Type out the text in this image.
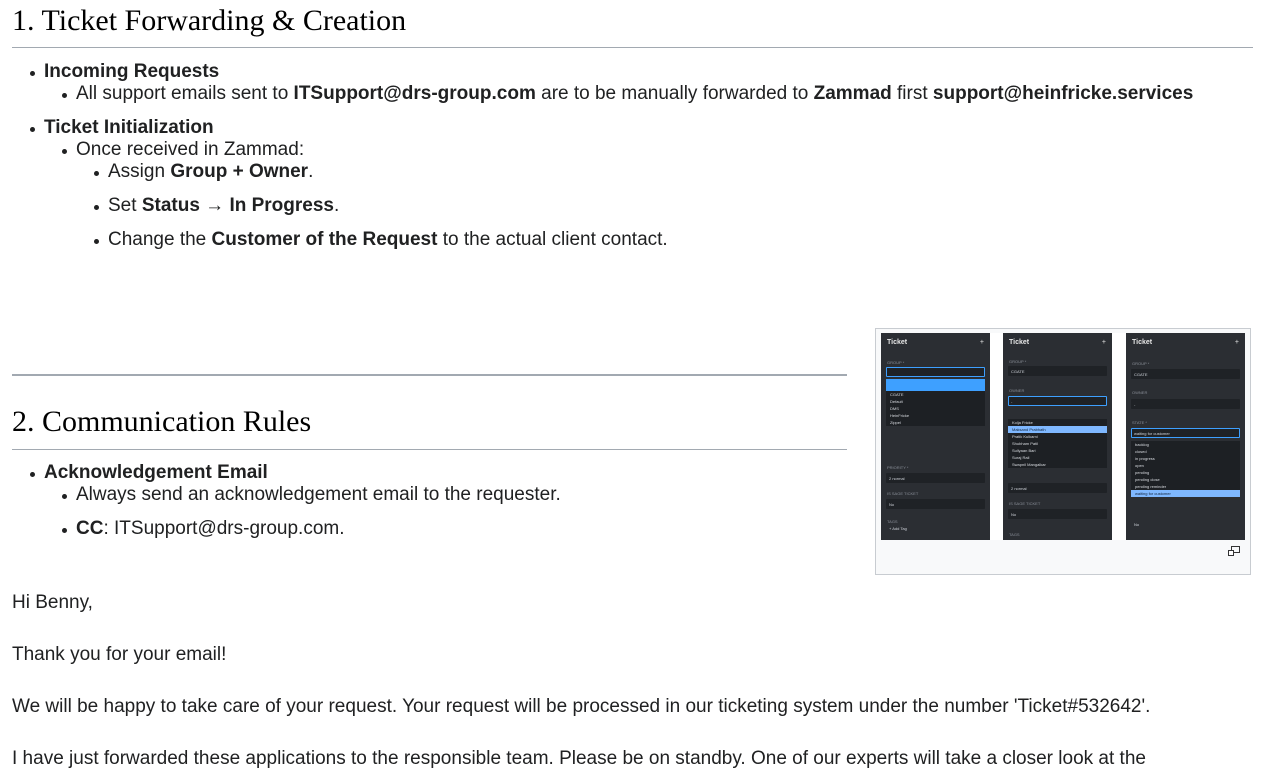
1. Ticket Forwarding & Creation
Incoming Requests
All support emails sent to ITSupport@drs-group.com are to be manually forwarded to Zammad first support@heinfricke.services
Ticket Initialization
Once received in Zammad:
Assign Group + Owner.
Set Status → In Progress.
Change the Customer of the Request to the actual client contact.
2. Communication Rules
Acknowledgement Email
Always send an acknowledgement email to the requester.
CC: ITSupport@drs-group.com.
Ticket	+
GROUP *
CGATE
Default
DMS
HeinFricke
Zippel
PRIORITY *
2 normal
IS SAGE TICKET
No
TAGS
+ Add Tag
Ticket	+
GROUP *
CGATE
OWNER
-
Kolja Fricke
Maksand Prabhath
Pratik Kulkarni
Shubham Patil
Sullyaan Bari
Suraj Rail
Swapnil Mangalkar
2 normal
IS SAGE TICKET
No
TAGS
Ticket	+
GROUP *
CGATE
OWNER
-
STATE *
waiting for customer
backlog
closed
in progress
open
pending
pending close
pending reminder
waiting for customer
No

Hi Benny,

Thank you for your email!

We will be happy to take care of your request. Your request will be processed in our ticketing system under the number 'Ticket#532642'.

I have just forwarded these applications to the responsible team. Please be on standby. One of our experts will take a closer look at the
